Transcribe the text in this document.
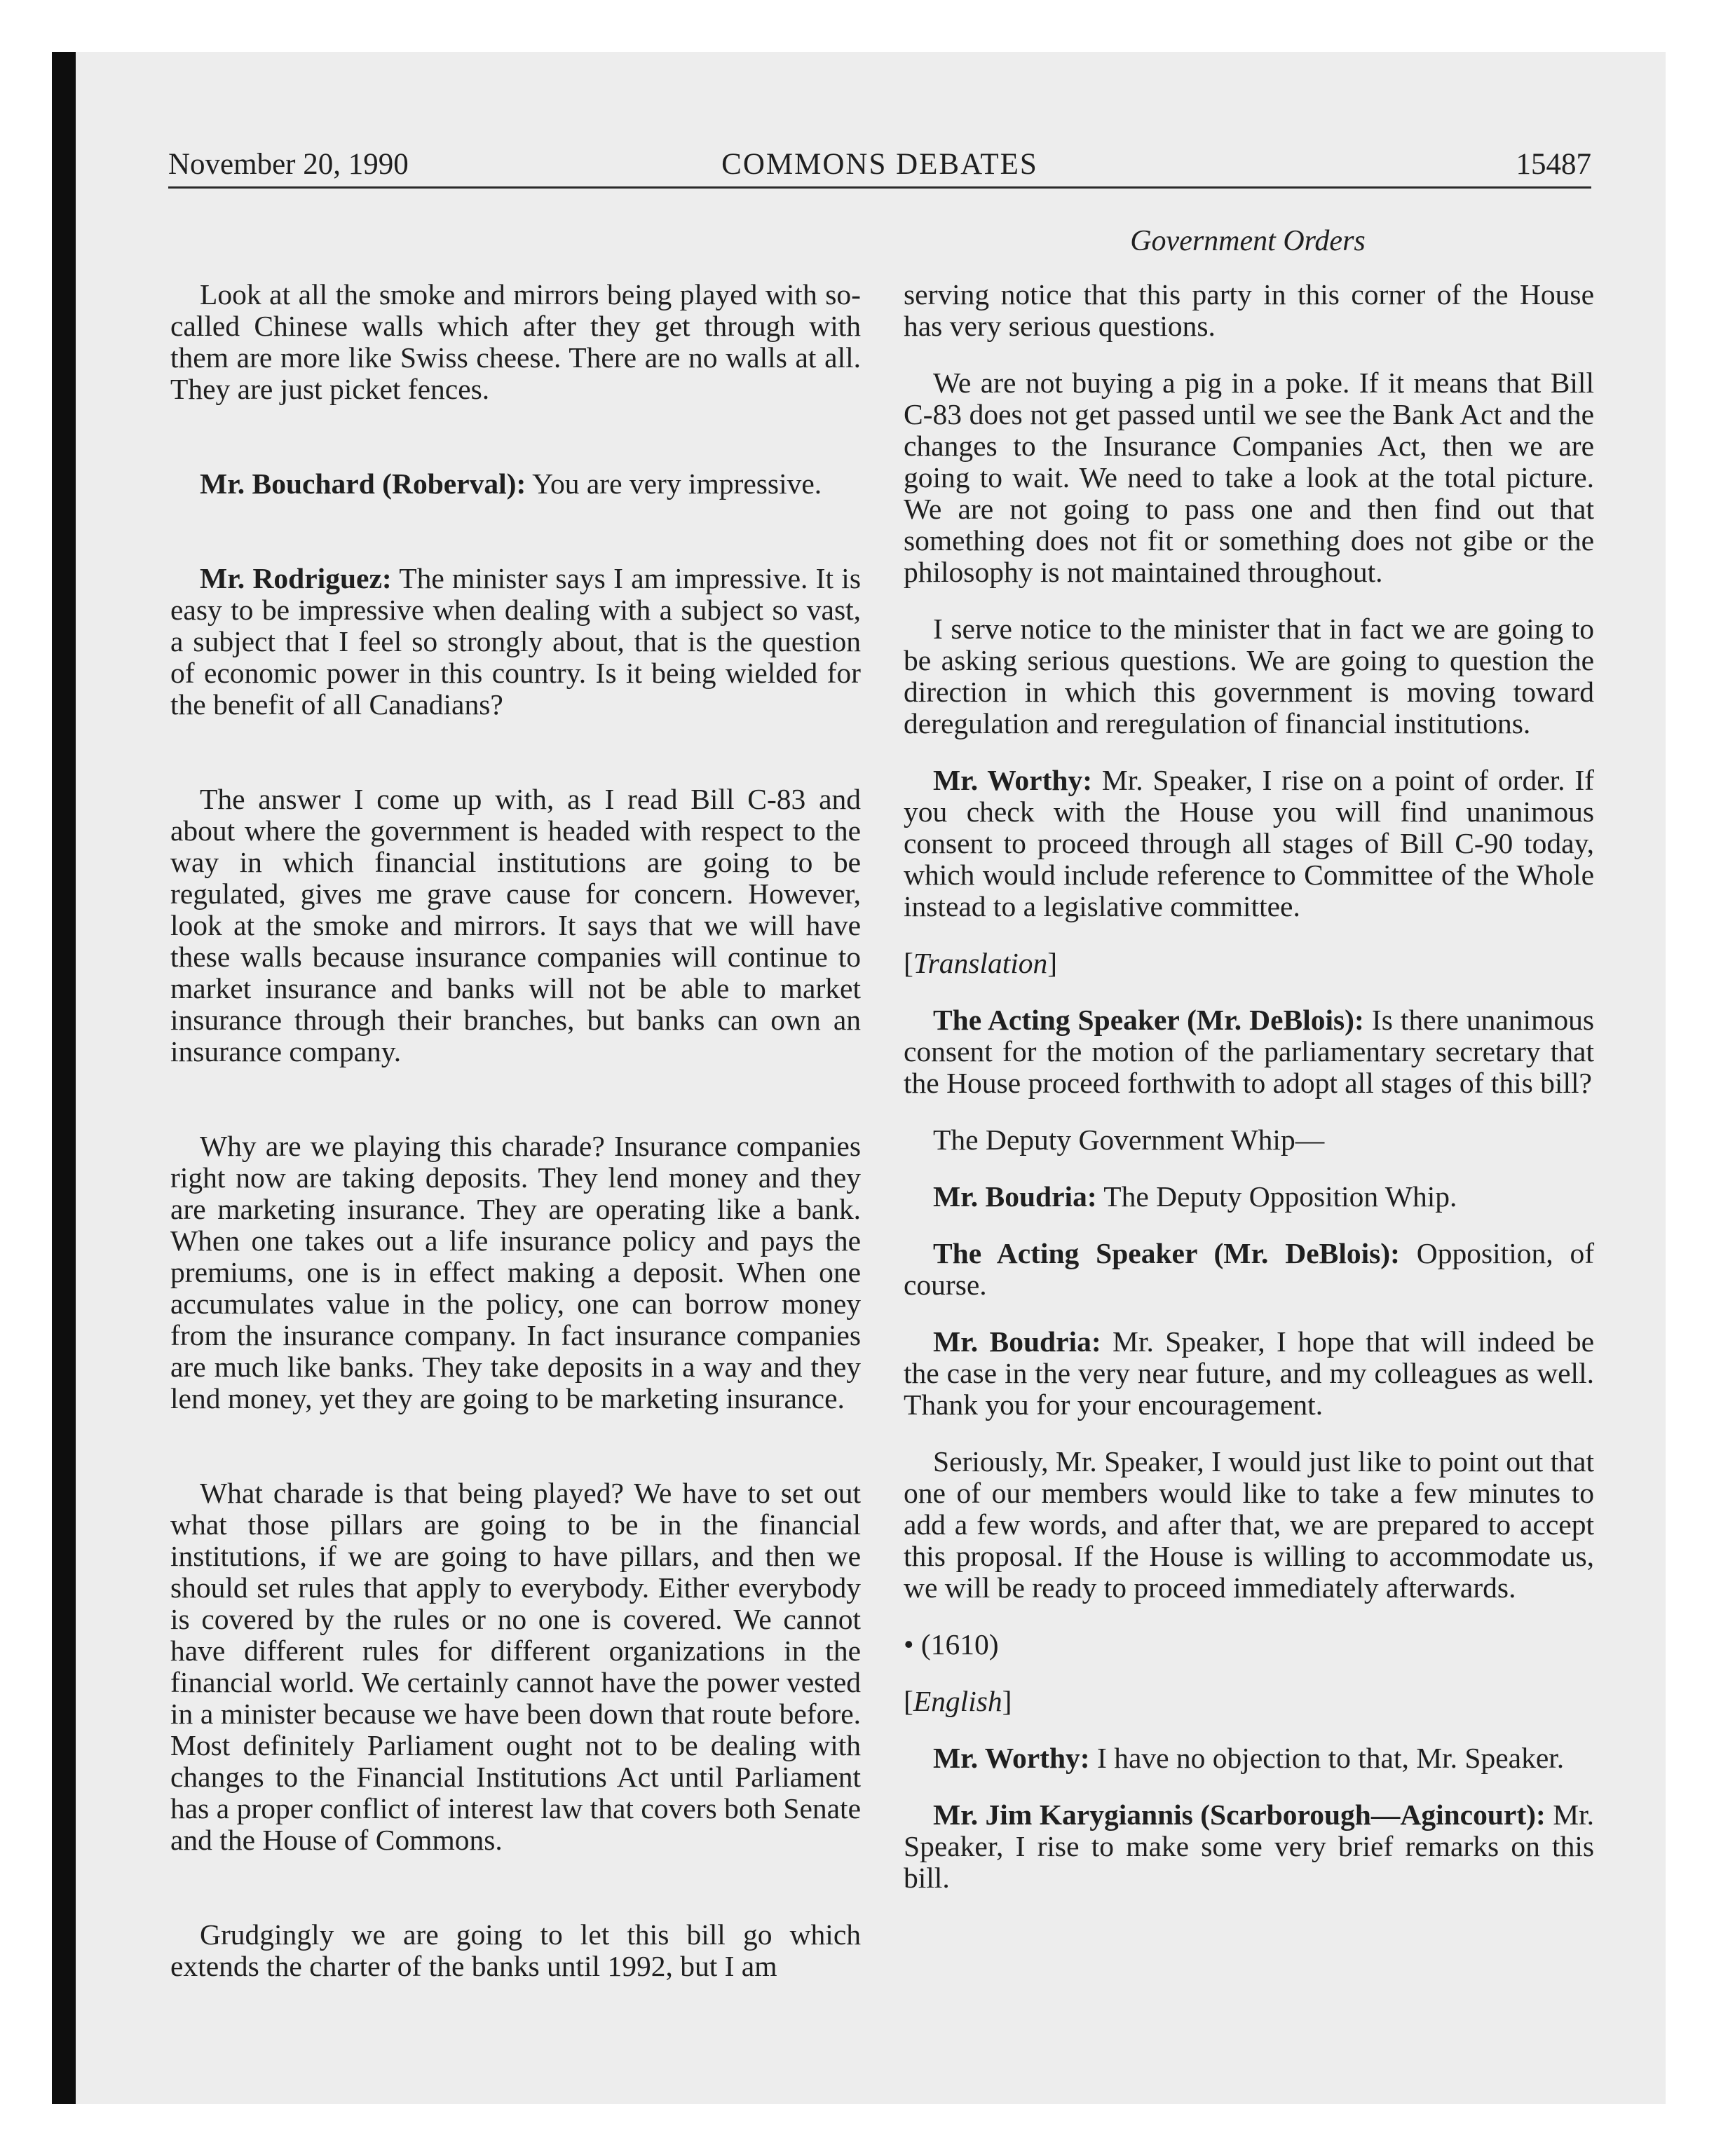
November 20, 1990	COMMONS DEBATES	15487
Government Orders

Look at all the smoke and mirrors being played with so-called Chinese walls which after they get through with them are more like Swiss cheese. There are no walls at all. They are just picket fences.

Mr. Bouchard (Roberval): You are very impressive.

Mr. Rodriguez: The minister says I am impressive. It is easy to be impressive when dealing with a subject so vast, a subject that I feel so strongly about, that is the question of economic power in this country. Is it being wielded for the benefit of all Canadians?

The answer I come up with, as I read Bill C-83 and about where the government is headed with respect to the way in which financial institutions are going to be regulated, gives me grave cause for concern. However, look at the smoke and mirrors. It says that we will have these walls because insurance companies will continue to market insurance and banks will not be able to market insurance through their branches, but banks can own an insurance company.

Why are we playing this charade? Insurance companies right now are taking deposits. They lend money and they are marketing insurance. They are operating like a bank. When one takes out a life insurance policy and pays the premiums, one is in effect making a deposit. When one accumulates value in the policy, one can borrow money from the insurance company. In fact insurance companies are much like banks. They take deposits in a way and they lend money, yet they are going to be marketing insurance.

What charade is that being played? We have to set out what those pillars are going to be in the financial institutions, if we are going to have pillars, and then we should set rules that apply to everybody. Either everybody is covered by the rules or no one is covered. We cannot have different rules for different organizations in the financial world. We certainly cannot have the power vested in a minister because we have been down that route before. Most definitely Parliament ought not to be dealing with changes to the Financial Institutions Act until Parliament has a proper conflict of interest law that covers both Senate and the House of Commons.

Grudgingly we are going to let this bill go which extends the charter of the banks until 1992, but I am

serving notice that this party in this corner of the House has very serious questions.

We are not buying a pig in a poke. If it means that Bill C-83 does not get passed until we see the Bank Act and the changes to the Insurance Companies Act, then we are going to wait. We need to take a look at the total picture. We are not going to pass one and then find out that something does not fit or something does not gibe or the philosophy is not maintained throughout.

I serve notice to the minister that in fact we are going to be asking serious questions. We are going to question the direction in which this government is moving toward deregulation and reregulation of financial institutions.

Mr. Worthy: Mr. Speaker, I rise on a point of order. If you check with the House you will find unanimous consent to proceed through all stages of Bill C-90 today, which would include reference to Committee of the Whole instead to a legislative committee.

[Translation]

The Acting Speaker (Mr. DeBlois): Is there unanimous consent for the motion of the parliamentary secretary that the House proceed forthwith to adopt all stages of this bill?

The Deputy Government Whip—

Mr. Boudria: The Deputy Opposition Whip.

The Acting Speaker (Mr. DeBlois): Opposition, of course.

Mr. Boudria: Mr. Speaker, I hope that will indeed be the case in the very near future, and my colleagues as well. Thank you for your encouragement.

Seriously, Mr. Speaker, I would just like to point out that one of our members would like to take a few minutes to add a few words, and after that, we are prepared to accept this proposal. If the House is willing to accommodate us, we will be ready to proceed immediately afterwards.

• (1610)

[English]

Mr. Worthy: I have no objection to that, Mr. Speaker.

Mr. Jim Karygiannis (Scarborough—Agincourt): Mr. Speaker, I rise to make some very brief remarks on this bill.
